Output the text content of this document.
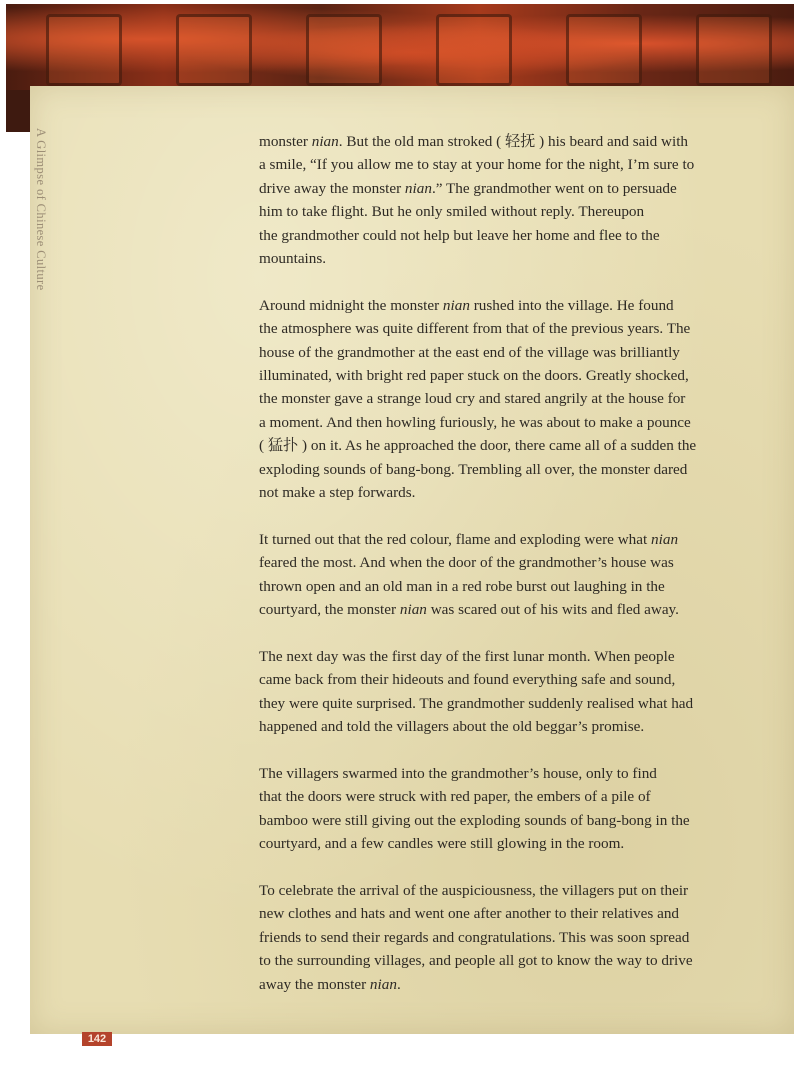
A Glimpse of Chinese Culture	monster nian. But the old man stroked ( 轻抚 ) his beard and said with
a smile, “If you allow me to stay at your home for the night, I’m sure to
drive away the monster nian.” The grandmother went on to persuade
him to take flight. But he only smiled without reply. Thereupon
the grandmother could not help but leave her home and flee to the
mountains.

Around midnight the monster nian rushed into the village. He found
the atmosphere was quite different from that of the previous years. The
house of the grandmother at the east end of the village was brilliantly
illuminated, with bright red paper stuck on the doors. Greatly shocked,
the monster gave a strange loud cry and stared angrily at the house for
a moment. And then howling furiously, he was about to make a pounce
( 猛扑 ) on it. As he approached the door, there came all of a sudden the
exploding sounds of bang-bong. Trembling all over, the monster dared
not make a step forwards.

It turned out that the red colour, flame and exploding were what nian
feared the most. And when the door of the grandmother’s house was
thrown open and an old man in a red robe burst out laughing in the
courtyard, the monster nian was scared out of his wits and fled away.

The next day was the first day of the first lunar month. When people
came back from their hideouts and found everything safe and sound,
they were quite surprised. The grandmother suddenly realised what had
happened and told the villagers about the old beggar’s promise.

The villagers swarmed into the grandmother’s house, only to find
that the doors were struck with red paper, the embers of a pile of
bamboo were still giving out the exploding sounds of bang-bong in the
courtyard, and a few candles were still glowing in the room.

To celebrate the arrival of the auspiciousness, the villagers put on their
new clothes and hats and went one after another to their relatives and
friends to send their regards and congratulations. This was soon spread
to the surrounding villages, and people all got to know the way to drive
away the monster nian.

142
